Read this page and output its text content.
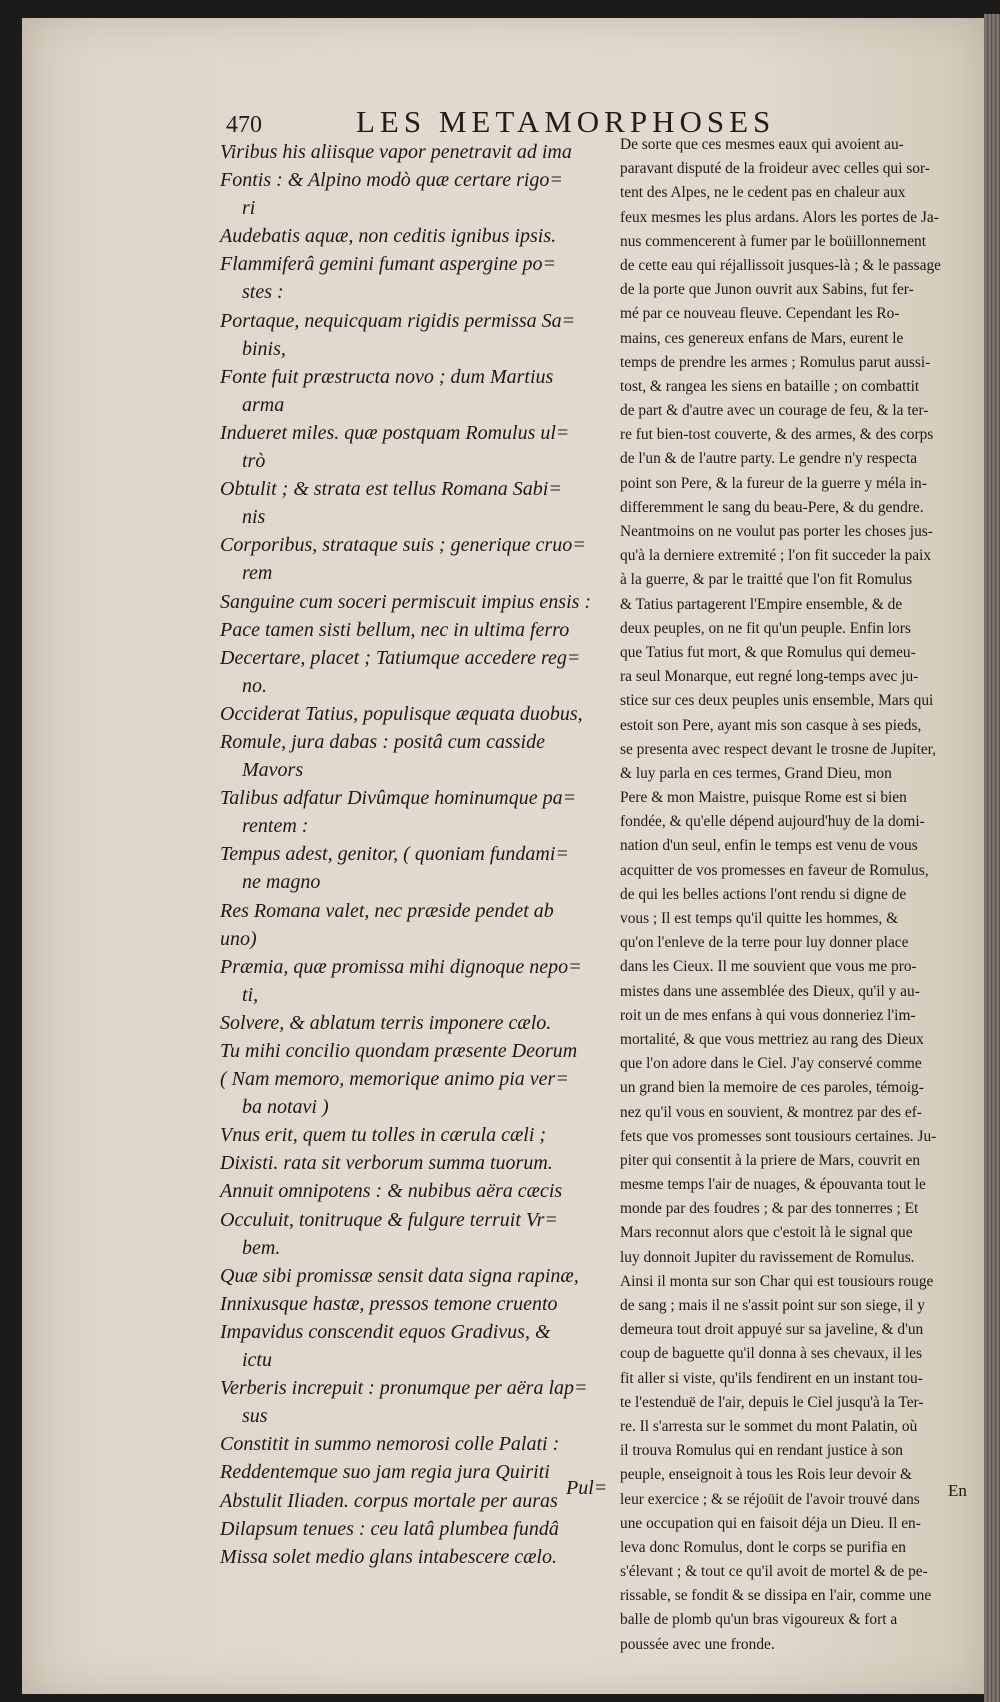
470	LES METAMORPHOSES
Viribus his aliisque vapor penetravit ad ima
Fontis : & Alpino modò quæ certare rigo=
ri
Audebatis aquæ, non ceditis ignibus ipsis.
Flammiferâ gemini fumant aspergine po=
stes :
Portaque, nequicquam rigidis permissa Sa=
binis,
Fonte fuit præstructa novo ; dum Martius
arma
Indueret miles. quæ postquam Romulus ul=
trò
Obtulit ; & strata est tellus Romana Sabi=
nis
Corporibus, strataque suis ; generique cruo=
rem
Sanguine cum soceri permiscuit impius ensis :
Pace tamen sisti bellum, nec in ultima ferro
Decertare, placet ; Tatiumque accedere reg=
no.
Occiderat Tatius, populisque æquata duobus,
Romule, jura dabas : positâ cum casside
Mavors
Talibus adfatur Divûmque hominumque pa=
rentem :
Tempus adest, genitor, ( quoniam fundami=
ne magno
Res Romana valet, nec præside pendet ab
uno)
Præmia, quæ promissa mihi dignoque nepo=
ti,
Solvere, & ablatum terris imponere cælo.
Tu mihi concilio quondam præsente Deorum
( Nam memoro, memorique animo pia ver=
ba notavi )
Vnus erit, quem tu tolles in cærula cæli ;
Dixisti. rata sit verborum summa tuorum.
Annuit omnipotens : & nubibus aëra cæcis
Occuluit, tonitruque & fulgure terruit Vr=
bem.
Quæ sibi promissæ sensit data signa rapinæ,
Innixusque hastæ, pressos temone cruento
Impavidus conscendit equos Gradivus, &
ictu
Verberis increpuit : pronumque per aëra lap=
sus
Constitit in summo nemorosi colle Palati :
Reddentemque suo jam regia jura Quiriti
Abstulit Iliaden. corpus mortale per auras
Dilapsum tenues : ceu latâ plumbea fundâ
Missa solet medio glans intabescere cælo.
Pul=
De sorte que ces mesmes eaux qui avoient au-
paravant disputé de la froideur avec celles qui sor-
tent des Alpes, ne le cedent pas en chaleur aux
feux mesmes les plus ardans. Alors les portes de Ja-
nus commencerent à fumer par le boüillonnement
de cette eau qui réjallissoit jusques-là ; & le passage
de la porte que Junon ouvrit aux Sabins, fut fer-
mé par ce nouveau fleuve. Cependant les Ro-
mains, ces genereux enfans de Mars, eurent le
temps de prendre les armes ; Romulus parut aussi-
tost, & rangea les siens en bataille ; on combattit
de part & d'autre avec un courage de feu, & la ter-
re fut bien-tost couverte, & des armes, & des corps
de l'un & de l'autre party. Le gendre n'y respecta
point son Pere, & la fureur de la guerre y méla in-
differemment le sang du beau-Pere, & du gendre.
Neantmoins on ne voulut pas porter les choses jus-
qu'à la derniere extremité ; l'on fit succeder la paix
à la guerre, & par le traitté que l'on fit Romulus
& Tatius partagerent l'Empire ensemble, & de
deux peuples, on ne fit qu'un peuple. Enfin lors
que Tatius fut mort, & que Romulus qui demeu-
ra seul Monarque, eut regné long-temps avec ju-
stice sur ces deux peuples unis ensemble, Mars qui
estoit son Pere, ayant mis son casque à ses pieds,
se presenta avec respect devant le trosne de Jupiter,
& luy parla en ces termes, Grand Dieu, mon
Pere & mon Maistre, puisque Rome est si bien
fondée, & qu'elle dépend aujourd'huy de la domi-
nation d'un seul, enfin le temps est venu de vous
acquitter de vos promesses en faveur de Romulus,
de qui les belles actions l'ont rendu si digne de
vous ; Il est temps qu'il quitte les hommes, &
qu'on l'enleve de la terre pour luy donner place
dans les Cieux. Il me souvient que vous me pro-
mistes dans une assemblée des Dieux, qu'il y au-
roit un de mes enfans à qui vous donneriez l'im-
mortalité, & que vous mettriez au rang des Dieux
que l'on adore dans le Ciel. J'ay conservé comme
un grand bien la memoire de ces paroles, témoig-
nez qu'il vous en souvient, & montrez par des ef-
fets que vos promesses sont tousiours certaines. Ju-
piter qui consentit à la priere de Mars, couvrit en
mesme temps l'air de nuages, & épouvanta tout le
monde par des foudres ; & par des tonnerres ; Et
Mars reconnut alors que c'estoit là le signal que
luy donnoit Jupiter du ravissement de Romulus.
Ainsi il monta sur son Char qui est tousiours rouge
de sang ; mais il ne s'assit point sur son siege, il y
demeura tout droit appuyé sur sa javeline, & d'un
coup de baguette qu'il donna à ses chevaux, il les
fit aller si viste, qu'ils fendirent en un instant tou-
te l'estenduë de l'air, depuis le Ciel jusqu'à la Ter-
re. Il s'arresta sur le sommet du mont Palatin, où
il trouva Romulus qui en rendant justice à son
peuple, enseignoit à tous les Rois leur devoir &
leur exercice ; & se réjoüit de l'avoir trouvé dans
une occupation qui en faisoit déja un Dieu. Il en-
leva donc Romulus, dont le corps se purifia en
s'élevant ; & tout ce qu'il avoit de mortel & de pe-
rissable, se fondit & se dissipa en l'air, comme une
balle de plomb qu'un bras vigoureux & fort a
poussée avec une fronde.
En
